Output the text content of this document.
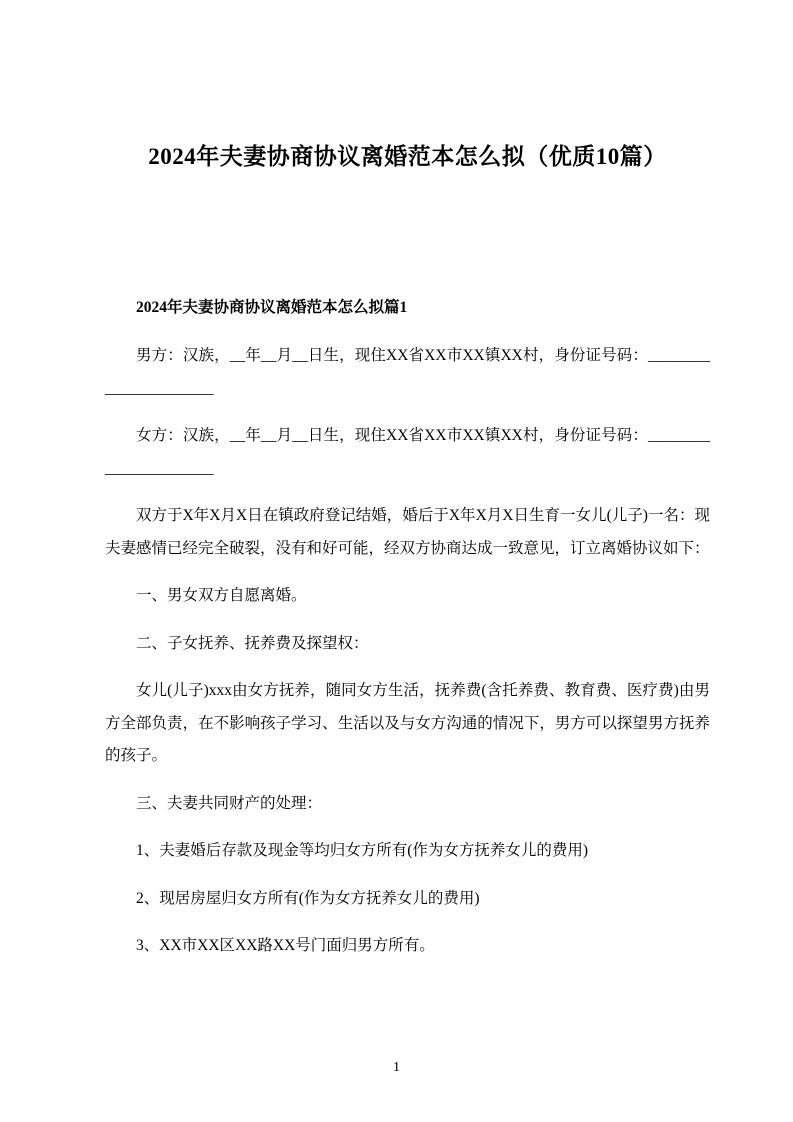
2024年夫妻协商协议离婚范本怎么拟（优质10篇）
2024年夫妻协商协议离婚范本怎么拟篇1

男方：汉族，__年__月__日生，现住XX省XX市XX镇XX村，身份证号码：______________________

女方：汉族，__年__月__日生，现住XX省XX市XX镇XX村，身份证号码：______________________

双方于X年X月X日在镇政府登记结婚，婚后于X年X月X日生育一女儿(儿子)一名：现夫妻感情已经完全破裂，没有和好可能，经双方协商达成一致意见，订立离婚协议如下：

一、男女双方自愿离婚。

二、子女抚养、抚养费及探望权：

女儿(儿子)xxx由女方抚养，随同女方生活，抚养费(含托养费、教育费、医疗费)由男方全部负责，在不影响孩子学习、生活以及与女方沟通的情况下，男方可以探望男方抚养的孩子。

三、夫妻共同财产的处理：

1、夫妻婚后存款及现金等均归女方所有(作为女方抚养女儿的费用)

2、现居房屋归女方所有(作为女方抚养女儿的费用)

3、XX市XX区XX路XX号门面归男方所有。

1
